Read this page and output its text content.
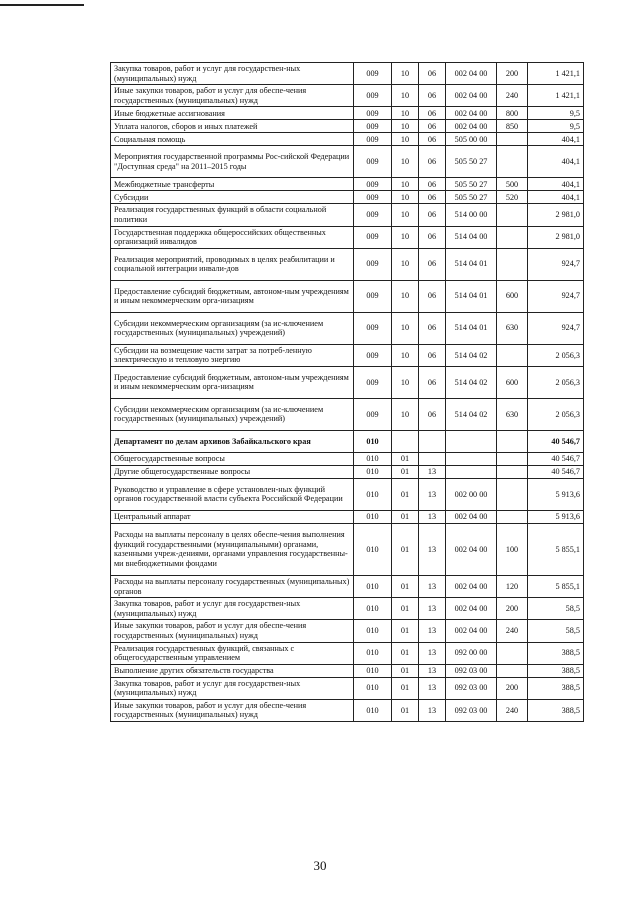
Закупка товаров, работ и услуг для государствен-ных (муниципальных) нужд	009	10	06	002 04 00	200	1 421,1
Иные закупки товаров, работ и услуг для обеспе-чения государственных (муниципальных) нужд	009	10	06	002 04 00	240	1 421,1
Иные бюджетные ассигнования	009	10	06	002 04 00	800	9,5
Уплата налогов, сборов и иных платежей	009	10	06	002 04 00	850	9,5
Социальная помощь	009	10	06	505 00 00		404,1
Мероприятия государственной программы Рос-сийской Федерации "Доступная среда" на 2011–2015 годы	009	10	06	505 50 27		404,1
Межбюджетные трансферты	009	10	06	505 50 27	500	404,1
Субсидии	009	10	06	505 50 27	520	404,1
Реализация государственных функций в области социальной политики	009	10	06	514 00 00		2 981,0
Государственная поддержка общероссийских общественных организаций инвалидов	009	10	06	514 04 00		2 981,0
Реализация мероприятий, проводимых в целях реабилитации и социальной интеграции инвали-дов	009	10	06	514 04 01		924,7
Предоставление субсидий бюджетным, автоном-ным учреждениям и иным некоммерческим орга-низациям	009	10	06	514 04 01	600	924,7
Субсидии некоммерческим организациям (за ис-ключением государственных (муниципальных) учреждений)	009	10	06	514 04 01	630	924,7
Субсидии на возмещение части затрат за потреб-ленную электрическую и тепловую энергию	009	10	06	514 04 02		2 056,3
Предоставление субсидий бюджетным, автоном-ным учреждениям и иным некоммерческим орга-низациям	009	10	06	514 04 02	600	2 056,3
Субсидии некоммерческим организациям (за ис-ключением государственных (муниципальных) учреждений)	009	10	06	514 04 02	630	2 056,3
Департамент по делам архивов Забайкальского края	010					40 546,7
Общегосударственные вопросы	010	01				40 546,7
Другие общегосударственные вопросы	010	01	13			40 546,7
Руководство и управление в сфере установлен-ных функций органов государственной власти субъекта Российской Федерации	010	01	13	002 00 00		5 913,6
Центральный аппарат	010	01	13	002 04 00		5 913,6
Расходы на выплаты персоналу в целях обеспе-чения выполнения функций государственными (муниципальными) органами, казенными учреж-дениями, органами управления государственны-ми внебюджетными фондами	010	01	13	002 04 00	100	5 855,1
Расходы на выплаты персоналу государственных (муниципальных) органов	010	01	13	002 04 00	120	5 855,1
Закупка товаров, работ и услуг для государствен-ных (муниципальных) нужд	010	01	13	002 04 00	200	58,5
Иные закупки товаров, работ и услуг для обеспе-чения государственных (муниципальных) нужд	010	01	13	002 04 00	240	58,5
Реализация государственных функций, связанных с общегосударственным управлением	010	01	13	092 00 00		388,5
Выполнение других обязательств государства	010	01	13	092 03 00		388,5
Закупка товаров, работ и услуг для государствен-ных (муниципальных) нужд	010	01	13	092 03 00	200	388,5
Иные закупки товаров, работ и услуг для обеспе-чения государственных (муниципальных) нужд	010	01	13	092 03 00	240	388,5
30
